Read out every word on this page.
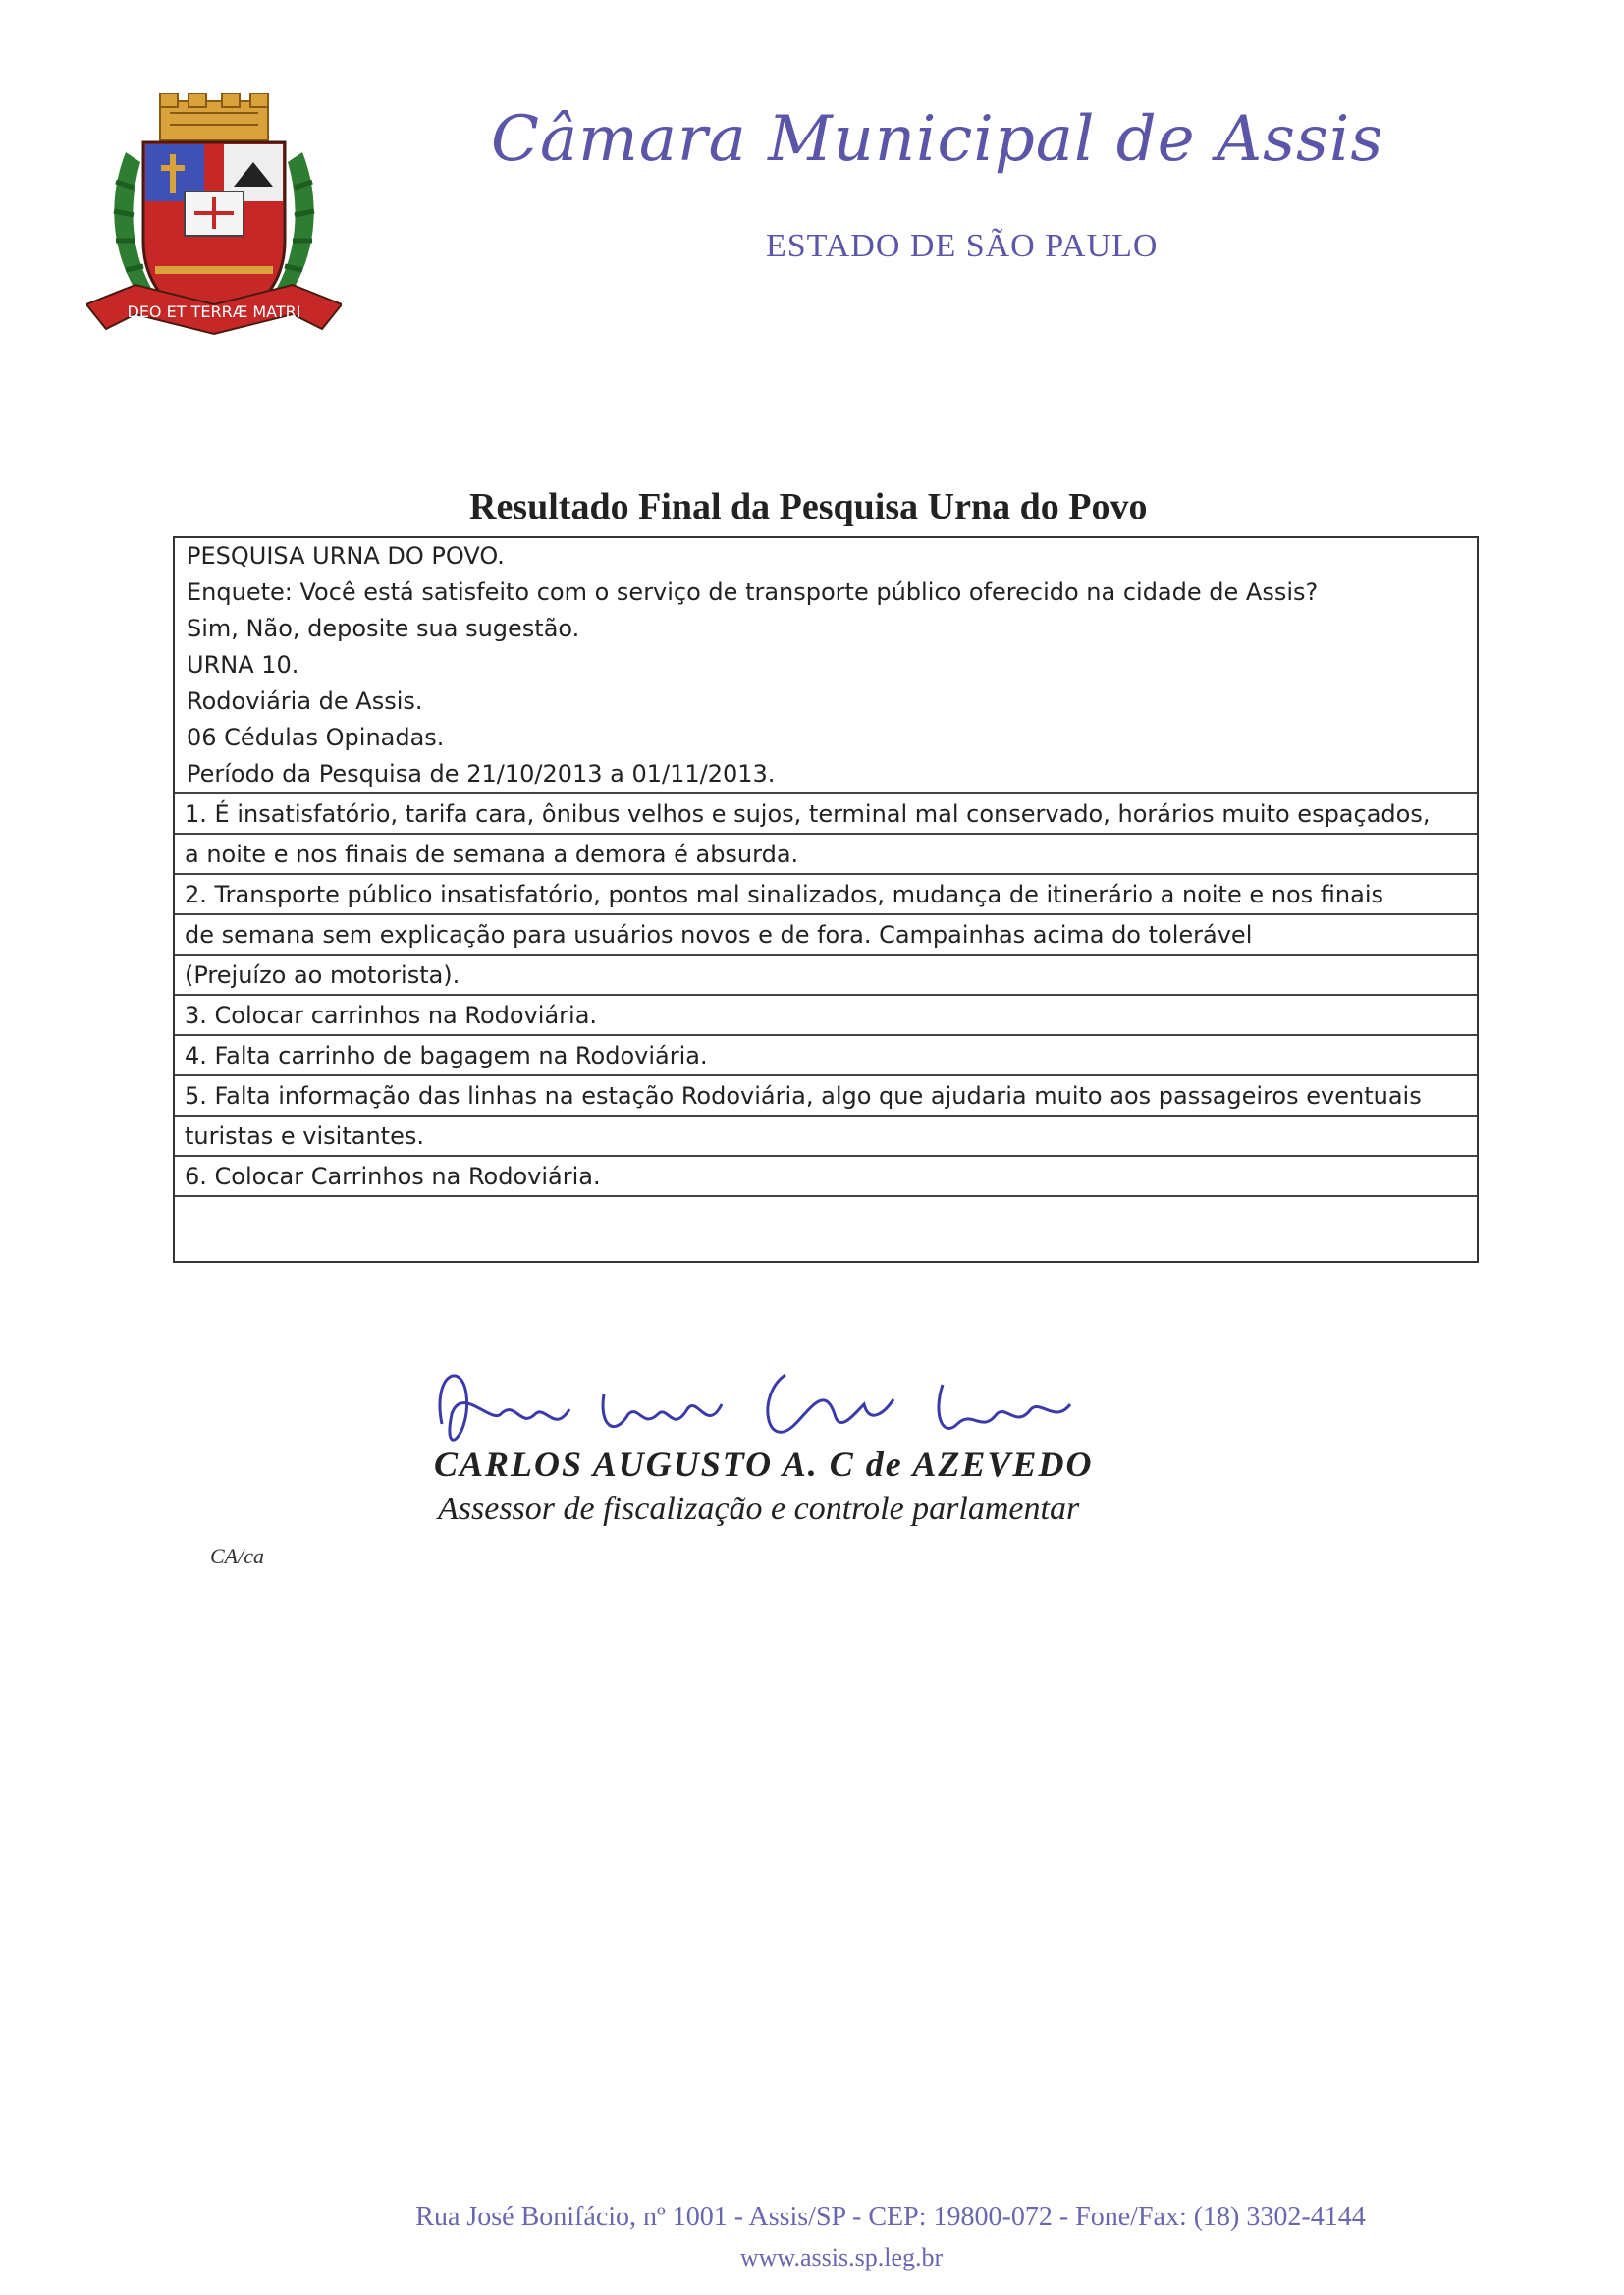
DEO ET TERRÆ MATRI
Câmara Municipal de Assis
ESTADO DE SÃO PAULO
Resultado Final da Pesquisa Urna do Povo
PESQUISA URNA DO POVO.
Enquete: Você está satisfeito com o serviço de transporte público oferecido na cidade de Assis?
Sim, Não, deposite sua sugestão.
URNA 10.
Rodoviária de Assis.
06 Cédulas Opinadas.
Período da Pesquisa de 21/10/2013 a 01/11/2013.
1. É insatisfatório, tarifa cara, ônibus velhos e sujos, terminal mal conservado, horários muito espaçados,
a noite e nos finais de semana a demora é absurda.
2. Transporte público insatisfatório, pontos mal sinalizados, mudança de itinerário a noite e nos finais
de semana sem explicação para usuários novos e de fora. Campainhas acima do tolerável
(Prejuízo ao motorista).
3. Colocar carrinhos na Rodoviária.
4. Falta carrinho de bagagem na Rodoviária.
5. Falta informação das linhas na estação Rodoviária, algo que ajudaria muito aos passageiros eventuais
turistas e visitantes.
6. Colocar Carrinhos na Rodoviária.
CARLOS AUGUSTO A. C de AZEVEDO
Assessor de fiscalização e controle parlamentar
CA/ca
Rua José Bonifácio, nº 1001 - Assis/SP - CEP: 19800-072 - Fone/Fax: (18) 3302-4144
www.assis.sp.leg.br
